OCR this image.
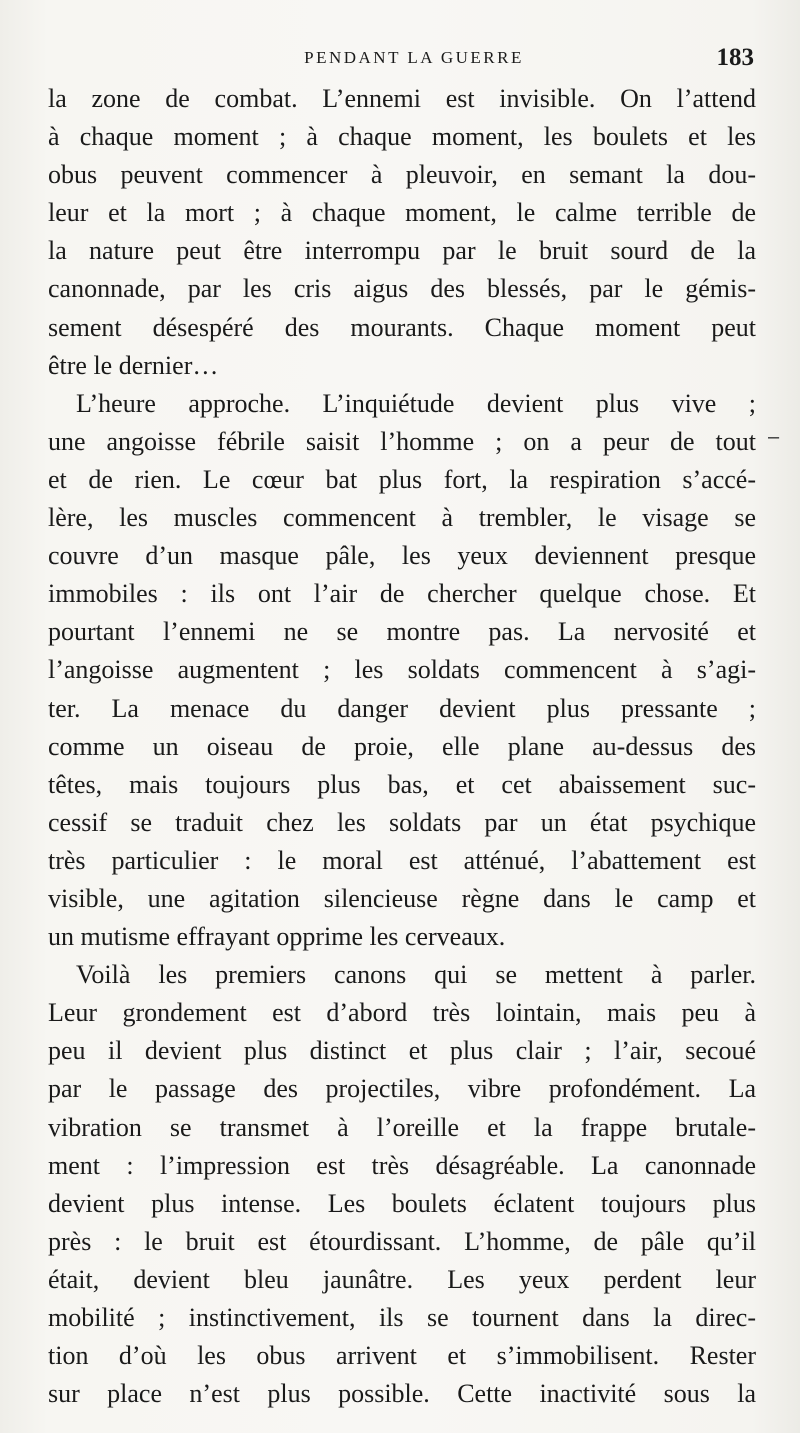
PENDANT LA GUERRE	183
la zone de combat. L’ennemi est invisible. On l’attend
à chaque moment ; à chaque moment, les boulets et les
obus peuvent commencer à pleuvoir, en semant la dou-
leur et la mort ; à chaque moment, le calme terrible de
la nature peut être interrompu par le bruit sourd de la
canonnade, par les cris aigus des blessés, par le gémis-
sement désespéré des mourants. Chaque moment peut
être le dernier…
L’heure approche. L’inquiétude devient plus vive ;
une angoisse fébrile saisit l’homme ; on a peur de tout
et de rien. Le cœur bat plus fort, la respiration s’accé-
lère, les muscles commencent à trembler, le visage se
couvre d’un masque pâle, les yeux deviennent presque
immobiles : ils ont l’air de chercher quelque chose. Et
pourtant l’ennemi ne se montre pas. La nervosité et
l’angoisse augmentent ; les soldats commencent à s’agi-
ter. La menace du danger devient plus pressante ;
comme un oiseau de proie, elle plane au-dessus des
têtes, mais toujours plus bas, et cet abaissement suc-
cessif se traduit chez les soldats par un état psychique
très particulier : le moral est atténué, l’abattement est
visible, une agitation silencieuse règne dans le camp et
un mutisme effrayant opprime les cerveaux.
Voilà les premiers canons qui se mettent à parler.
Leur grondement est d’abord très lointain, mais peu à
peu il devient plus distinct et plus clair ; l’air, secoué
par le passage des projectiles, vibre profondément. La
vibration se transmet à l’oreille et la frappe brutale-
ment : l’impression est très désagréable. La canonnade
devient plus intense. Les boulets éclatent toujours plus
près : le bruit est étourdissant. L’homme, de pâle qu’il
était, devient bleu jaunâtre. Les yeux perdent leur
mobilité ; instinctivement, ils se tournent dans la direc-
tion d’où les obus arrivent et s’immobilisent. Rester
sur place n’est plus possible. Cette inactivité sous la
–
